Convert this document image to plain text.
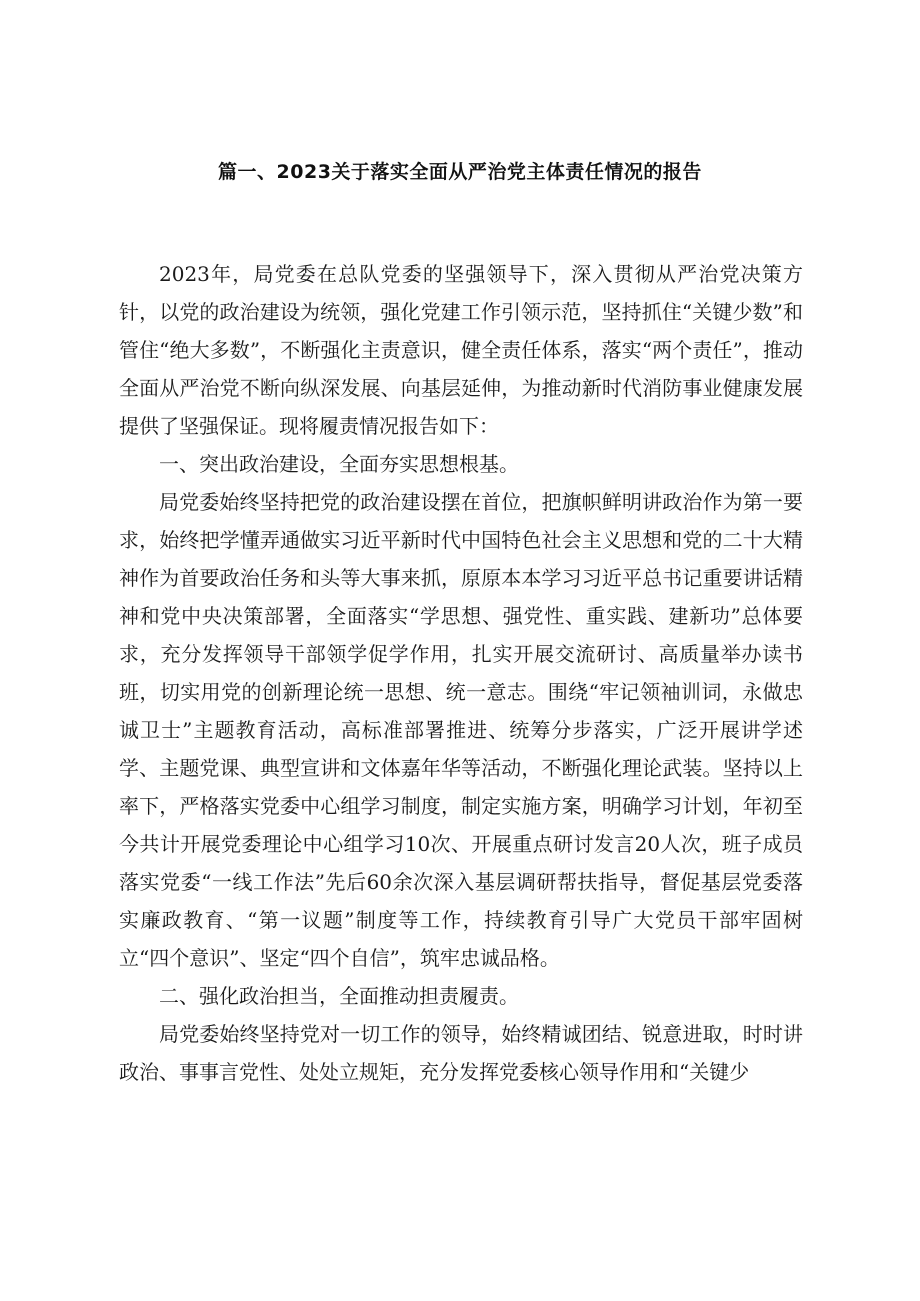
篇一、2023关于落实全面从严治党主体责任情况的报告

2023年，局党委在总队党委的坚强领导下，深入贯彻从严治党决策方针，以党的政治建设为统领，强化党建工作引领示范，坚持抓住“关键少数”和管住“绝大多数”，不断强化主责意识，健全责任体系，落实“两个责任”，推动全面从严治党不断向纵深发展、向基层延伸，为推动新时代消防事业健康发展提供了坚强保证。现将履责情况报告如下：

一、突出政治建设，全面夯实思想根基。

局党委始终坚持把党的政治建设摆在首位，把旗帜鲜明讲政治作为第一要求，始终把学懂弄通做实习近平新时代中国特色社会主义思想和党的二十大精神作为首要政治任务和头等大事来抓，原原本本学习习近平总书记重要讲话精神和党中央决策部署，全面落实“学思想、强党性、重实践、建新功”总体要求，充分发挥领导干部领学促学作用，扎实开展交流研讨、高质量举办读书班，切实用党的创新理论统一思想、统一意志。围绕“牢记领袖训词，永做忠诚卫士”主题教育活动，高标准部署推进、统筹分步落实，广泛开展讲学述学、主题党课、典型宣讲和文体嘉年华等活动，不断强化理论武装。坚持以上率下，严格落实党委中心组学习制度，制定实施方案，明确学习计划，年初至今共计开展党委理论中心组学习10次、开展重点研讨发言20人次，班子成员落实党委“一线工作法”先后60余次深入基层调研帮扶指导，督促基层党委落实廉政教育、“第一议题”制度等工作，持续教育引导广大党员干部牢固树立“四个意识”、坚定“四个自信”，筑牢忠诚品格。

二、强化政治担当，全面推动担责履责。

局党委始终坚持党对一切工作的领导，始终精诚团结、锐意进取，时时讲政治、事事言党性、处处立规矩，充分发挥党委核心领导作用和“关键少
